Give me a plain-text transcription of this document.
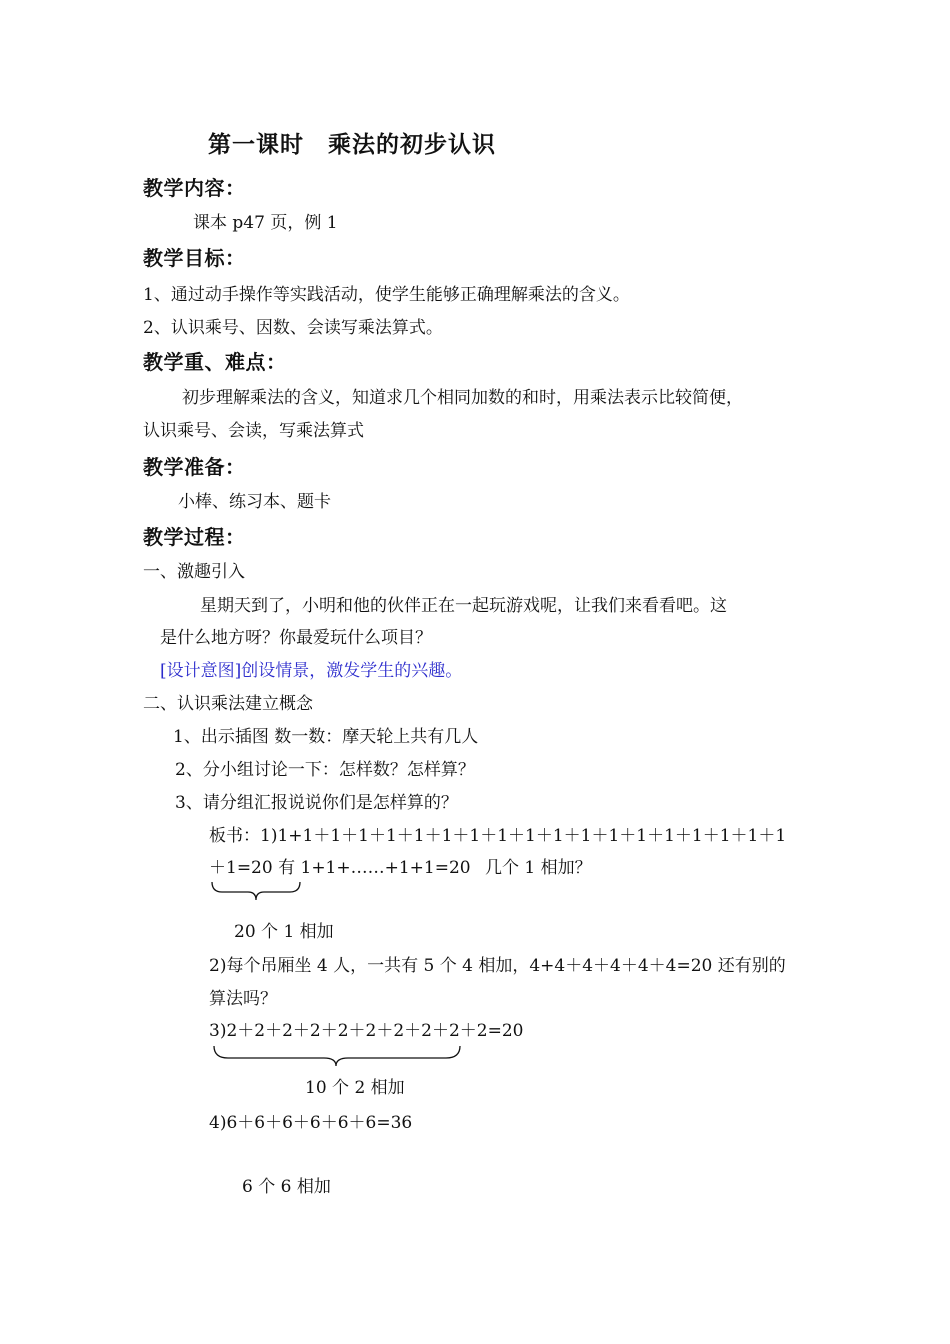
第一课时　乘法的初步认识
教学内容：
课本 p47 页，例 1
教学目标：
1、通过动手操作等实践活动，使学生能够正确理解乘法的含义。
2、认识乘号、因数、会读写乘法算式。
教学重、难点：
初步理解乘法的含义，知道求几个相同加数的和时，用乘法表示比较简便，
认识乘号、会读，写乘法算式
教学准备：
小棒、练习本、题卡
教学过程：
一、激趣引入
星期天到了，小明和他的伙伴正在一起玩游戏呢，让我们来看看吧。这
是什么地方呀？你最爱玩什么项目？
[设计意图]创设情景，激发学生的兴趣。
二、认识乘法建立概念
1、出示插图 数一数：摩天轮上共有几人
2、分小组讨论一下：怎样数？怎样算？
3、请分组汇报说说你们是怎样算的？
板书：1)1+1＋1＋1＋1＋1＋1＋1＋1＋1＋1＋1＋1＋1＋1＋1＋1＋1＋1
＋1=20 有 1+1+……+1+1=20 几个 1 相加？
20 个 1 相加
2)每个吊厢坐 4 人，一共有 5 个 4 相加，4+4＋4＋4＋4＋4=20 还有别的
算法吗？
3)2＋2＋2＋2＋2＋2＋2＋2＋2＋2=20
10 个 2 相加
4)6＋6＋6＋6＋6＋6=36
6 个 6 相加
